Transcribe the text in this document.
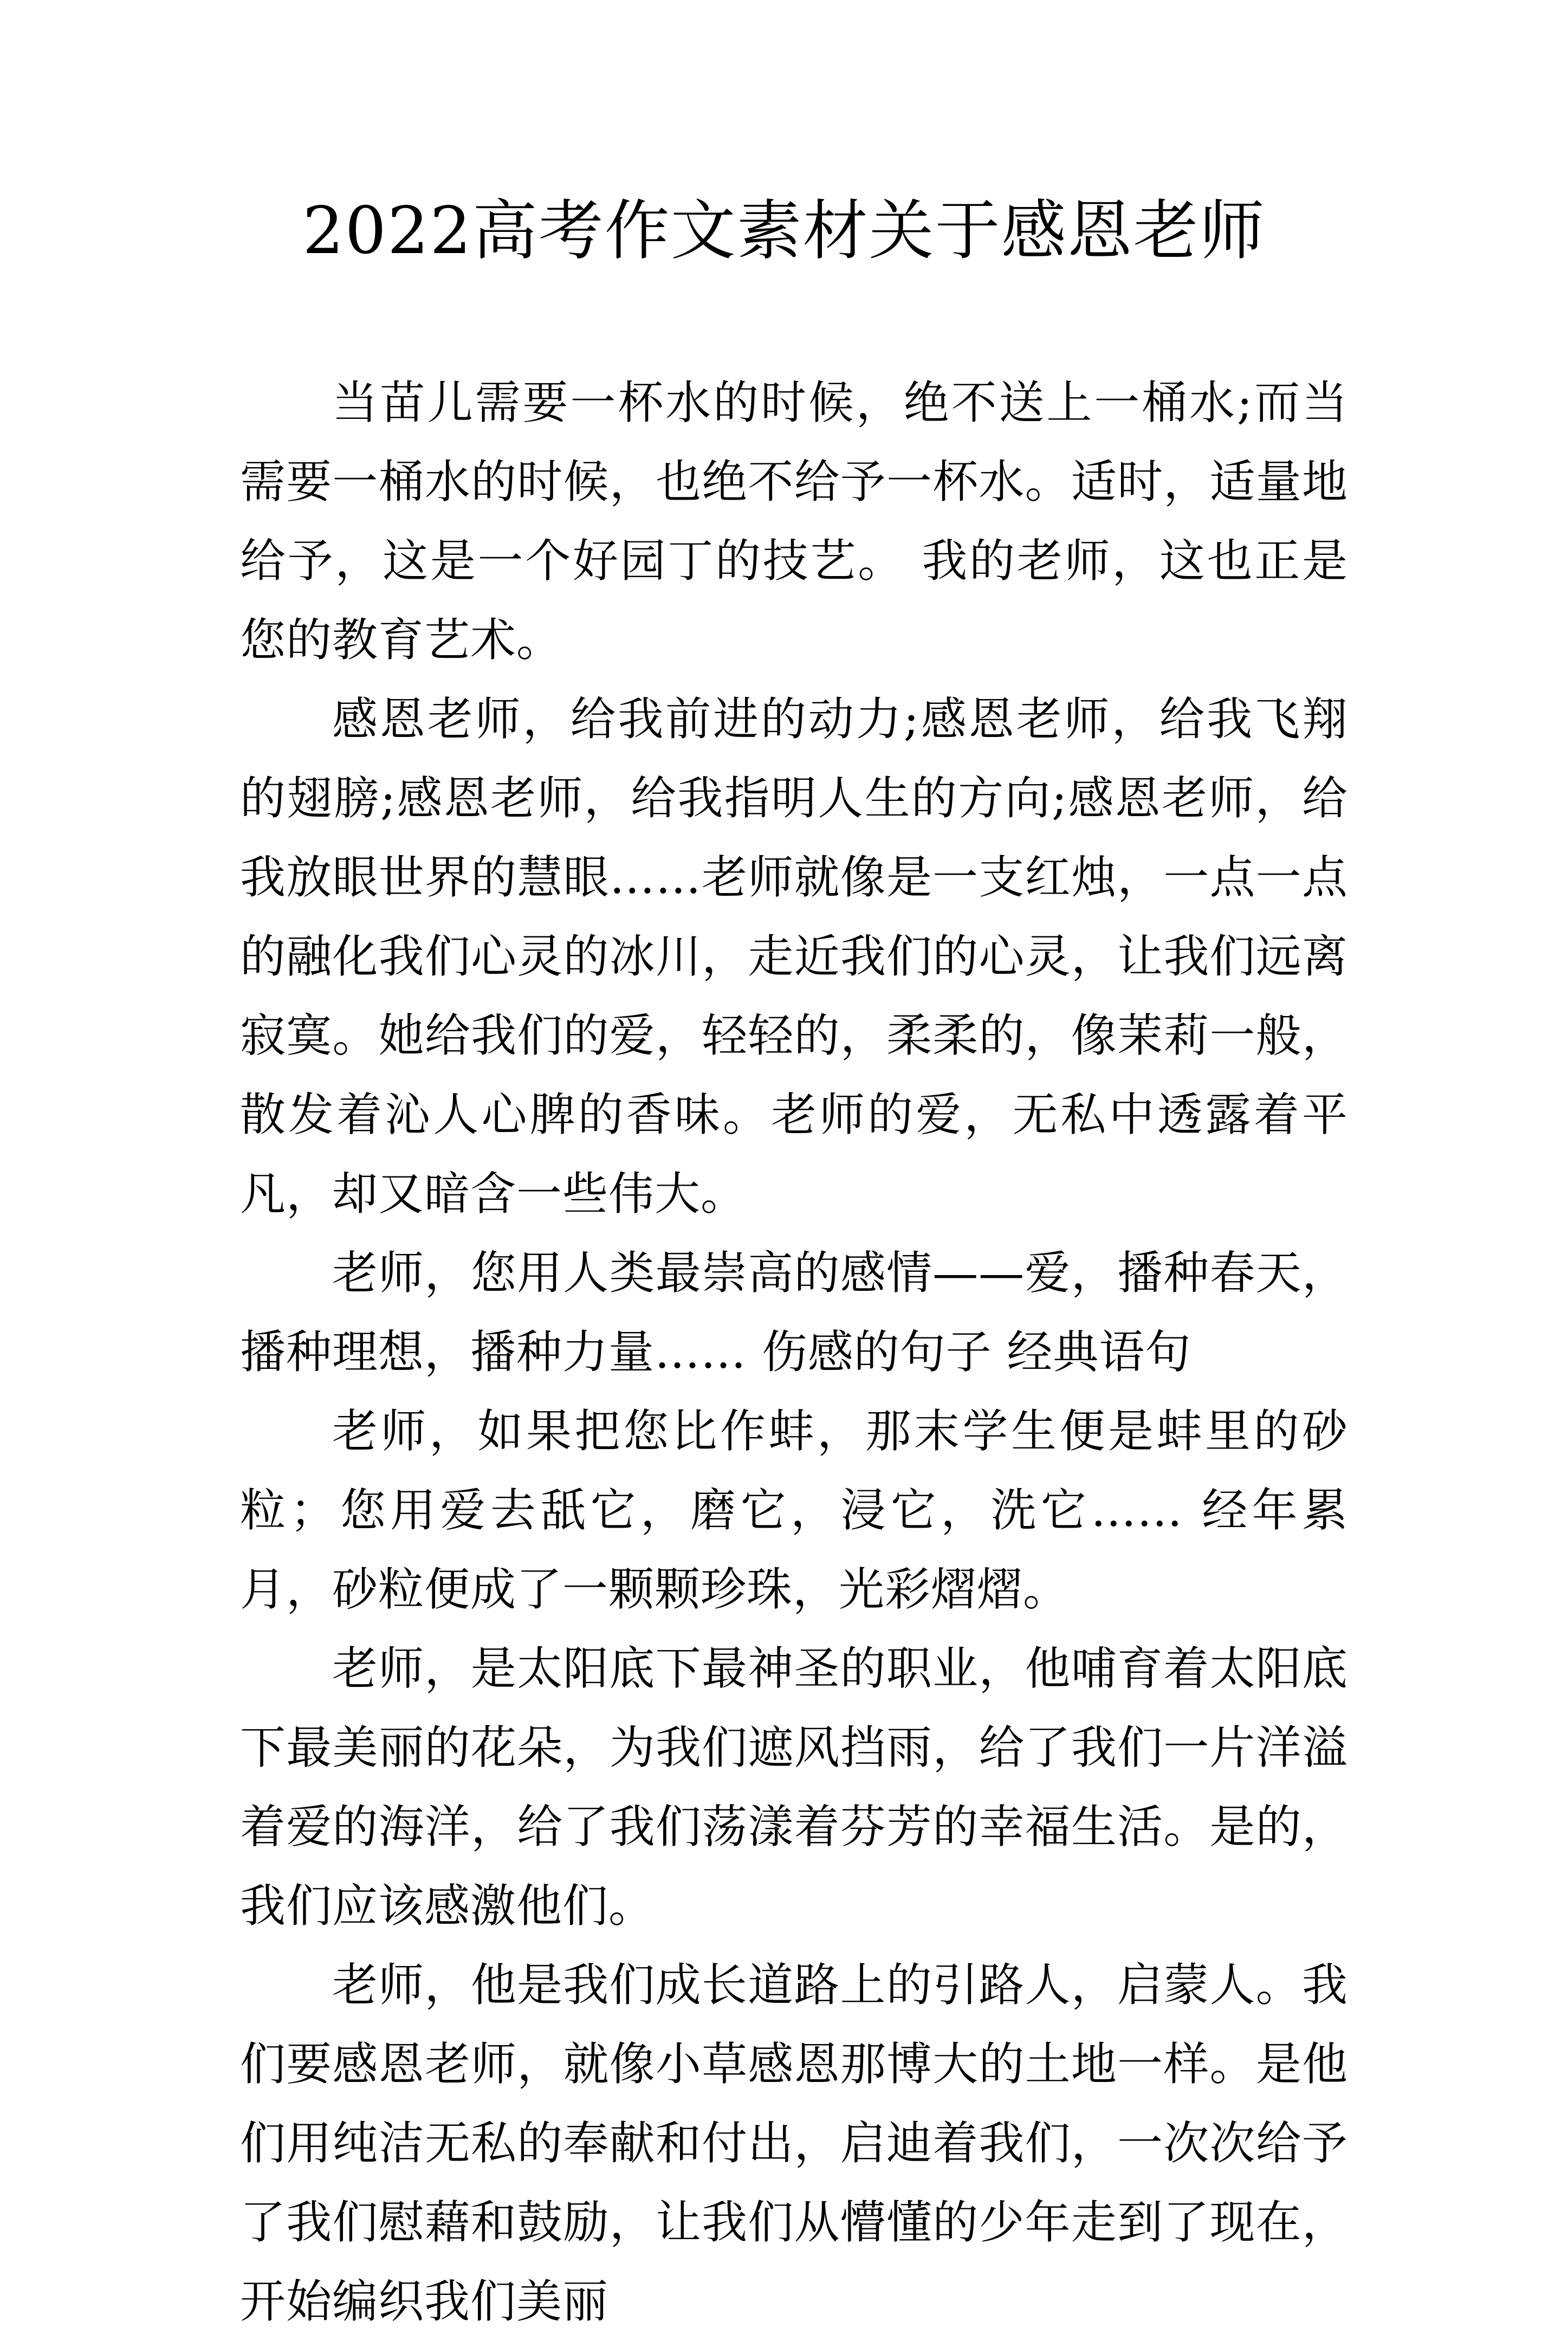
2022高考作文素材关于感恩老师

当苗儿需要一杯水的时候，绝不送上一桶水;而当需要一桶水的时候，也绝不给予一杯水。适时，适量地给予，这是一个好园丁的技艺。 我的老师，这也正是您的教育艺术。

感恩老师，给我前进的动力;感恩老师，给我飞翔的翅膀;感恩老师，给我指明人生的方向;感恩老师，给我放眼世界的慧眼……老师就像是一支红烛，一点一点的融化我们心灵的冰川，走近我们的心灵，让我们远离寂寞。她给我们的爱，轻轻的，柔柔的，像茉莉一般，散发着沁人心脾的香味。老师的爱，无私中透露着平凡，却又暗含一些伟大。

老师，您用人类最崇高的感情——爱，播种春天，播种理想，播种力量…… 伤感的句子 经典语句

老师，如果把您比作蚌，那末学生便是蚌里的砂粒；您用爱去舐它，磨它，浸它，洗它…… 经年累月，砂粒便成了一颗颗珍珠，光彩熠熠。

老师，是太阳底下最神圣的职业，他哺育着太阳底下最美丽的花朵，为我们遮风挡雨，给了我们一片洋溢着爱的海洋，给了我们荡漾着芬芳的幸福生活。是的，我们应该感激他们。

老师，他是我们成长道路上的引路人，启蒙人。我们要感恩老师，就像小草感恩那博大的土地一样。是他们用纯洁无私的奉献和付出，启迪着我们，一次次给予了我们慰藉和鼓励，让我们从懵懂的少年走到了现在，开始编织我们美丽
